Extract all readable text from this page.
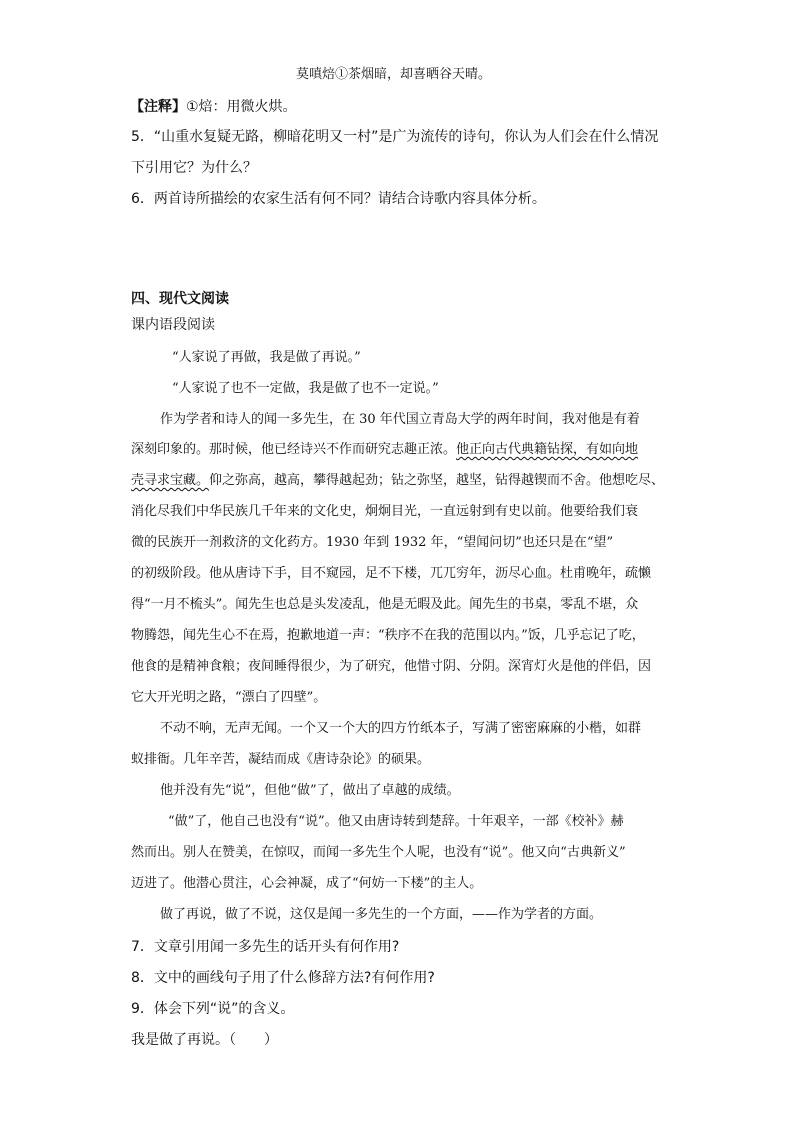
莫嗔焙①茶烟暗，却喜晒谷天晴。
【注释】①焙：用微火烘。
5．“山重水复疑无路，柳暗花明又一村”是广为流传的诗句，你认为人们会在什么情况
下引用它？为什么？
6．两首诗所描绘的农家生活有何不同？请结合诗歌内容具体分析。
四、现代文阅读
课内语段阅读
“人家说了再做，我是做了再说。”
“人家说了也不一定做，我是做了也不一定说。”
作为学者和诗人的闻一多先生，在 30 年代国立青岛大学的两年时间，我对他是有着
深刻印象的。那时候，他已经诗兴不作而研究志趣正浓。他正向古代典籍钻探，有如向地
壳寻求宝藏。仰之弥高，越高，攀得越起劲；钻之弥坚，越坚，钻得越锲而不舍。他想吃尽、
消化尽我们中华民族几千年来的文化史，炯炯目光，一直远射到有史以前。他要给我们衰
微的民族开一剂救济的文化药方。1930 年到 1932 年，“望闻问切”也还只是在“望”
的初级阶段。他从唐诗下手，目不窥园，足不下楼，兀兀穷年，沥尽心血。杜甫晚年，疏懒
得“一月不梳头”。闻先生也总是头发凌乱，他是无暇及此。闻先生的书桌，零乱不堪，众
物腾怨，闻先生心不在焉，抱歉地道一声：“秩序不在我的范围以内。”饭，几乎忘记了吃，
他食的是精神食粮；夜间睡得很少，为了研究，他惜寸阴、分阴。深宵灯火是他的伴侣，因
它大开光明之路，“漂白了四壁”。
不动不响，无声无闻。一个又一个大的四方竹纸本子，写满了密密麻麻的小楷，如群
蚁排衙。几年辛苦，凝结而成《唐诗杂论》的硕果。
他并没有先“说”，但他“做”了，做出了卓越的成绩。
“做”了，他自己也没有“说”。他又由唐诗转到楚辞。十年艰辛，一部《校补》赫
然而出。别人在赞美，在惊叹，而闻一多先生个人呢，也没有“说”。他又向“古典新义”
迈进了。他潜心贯注，心会神凝，成了“何妨一下楼”的主人。
做了再说，做了不说，这仅是闻一多先生的一个方面，——作为学者的方面。
7．文章引用闻一多先生的话开头有何作用?
8．文中的画线句子用了什么修辞方法?有何作用?
9．体会下列“说”的含义。
我是做了再说。（　　）
